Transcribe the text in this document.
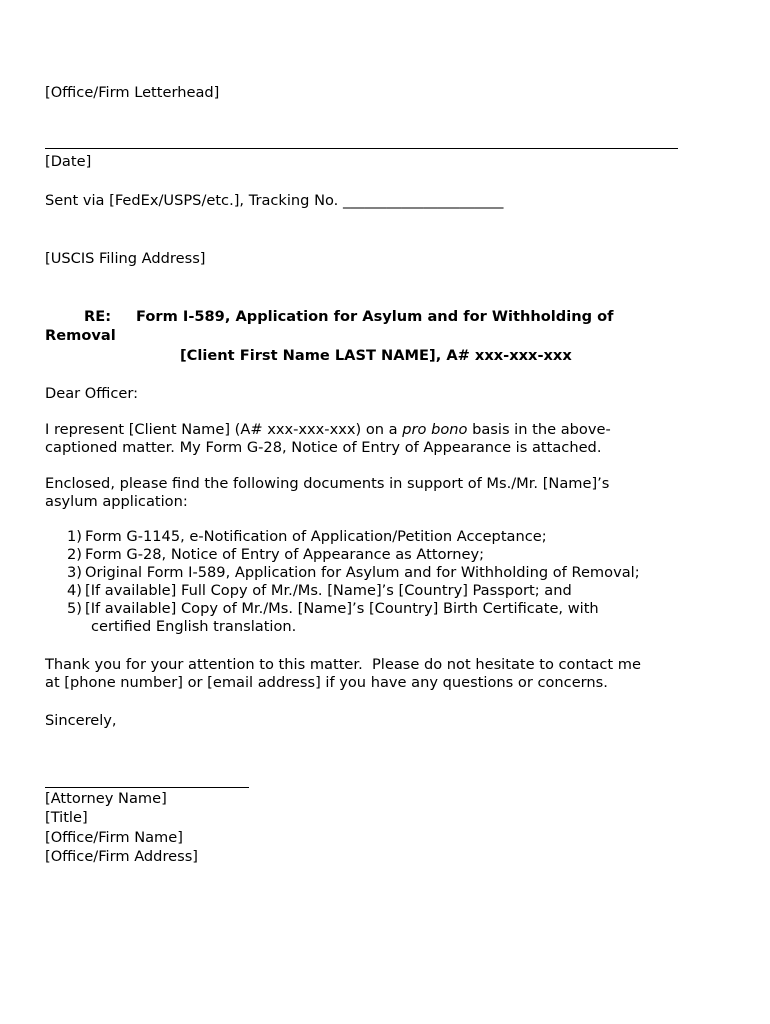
[Office/Firm Letterhead]
[Date]
Sent via [FedEx/USPS/etc.], Tracking No. ______________________
[USCIS Filing Address]
RE: Form I-589, Application for Asylum and for Withholding of
Removal
[Client First Name LAST NAME], A# xxx-xxx-xxx
Dear Officer:
I represent [Client Name] (A# xxx-xxx-xxx) on a pro bono basis in the above-
captioned matter. My Form G-28, Notice of Entry of Appearance is attached.
Enclosed, please find the following documents in support of Ms./Mr. [Name]’s
asylum application:
1) Form G-1145, e-Notification of Application/Petition Acceptance;
2) Form G-28, Notice of Entry of Appearance as Attorney;
3) Original Form I-589, Application for Asylum and for Withholding of Removal;
4) [If available] Full Copy of Mr./Ms. [Name]’s [Country] Passport; and
5) [If available] Copy of Mr./Ms. [Name]’s [Country] Birth Certificate, with
certified English translation.
Thank you for your attention to this matter.  Please do not hesitate to contact me
at [phone number] or [email address] if you have any questions or concerns.
Sincerely,
[Attorney Name]
[Title]
[Office/Firm Name]
[Office/Firm Address]
